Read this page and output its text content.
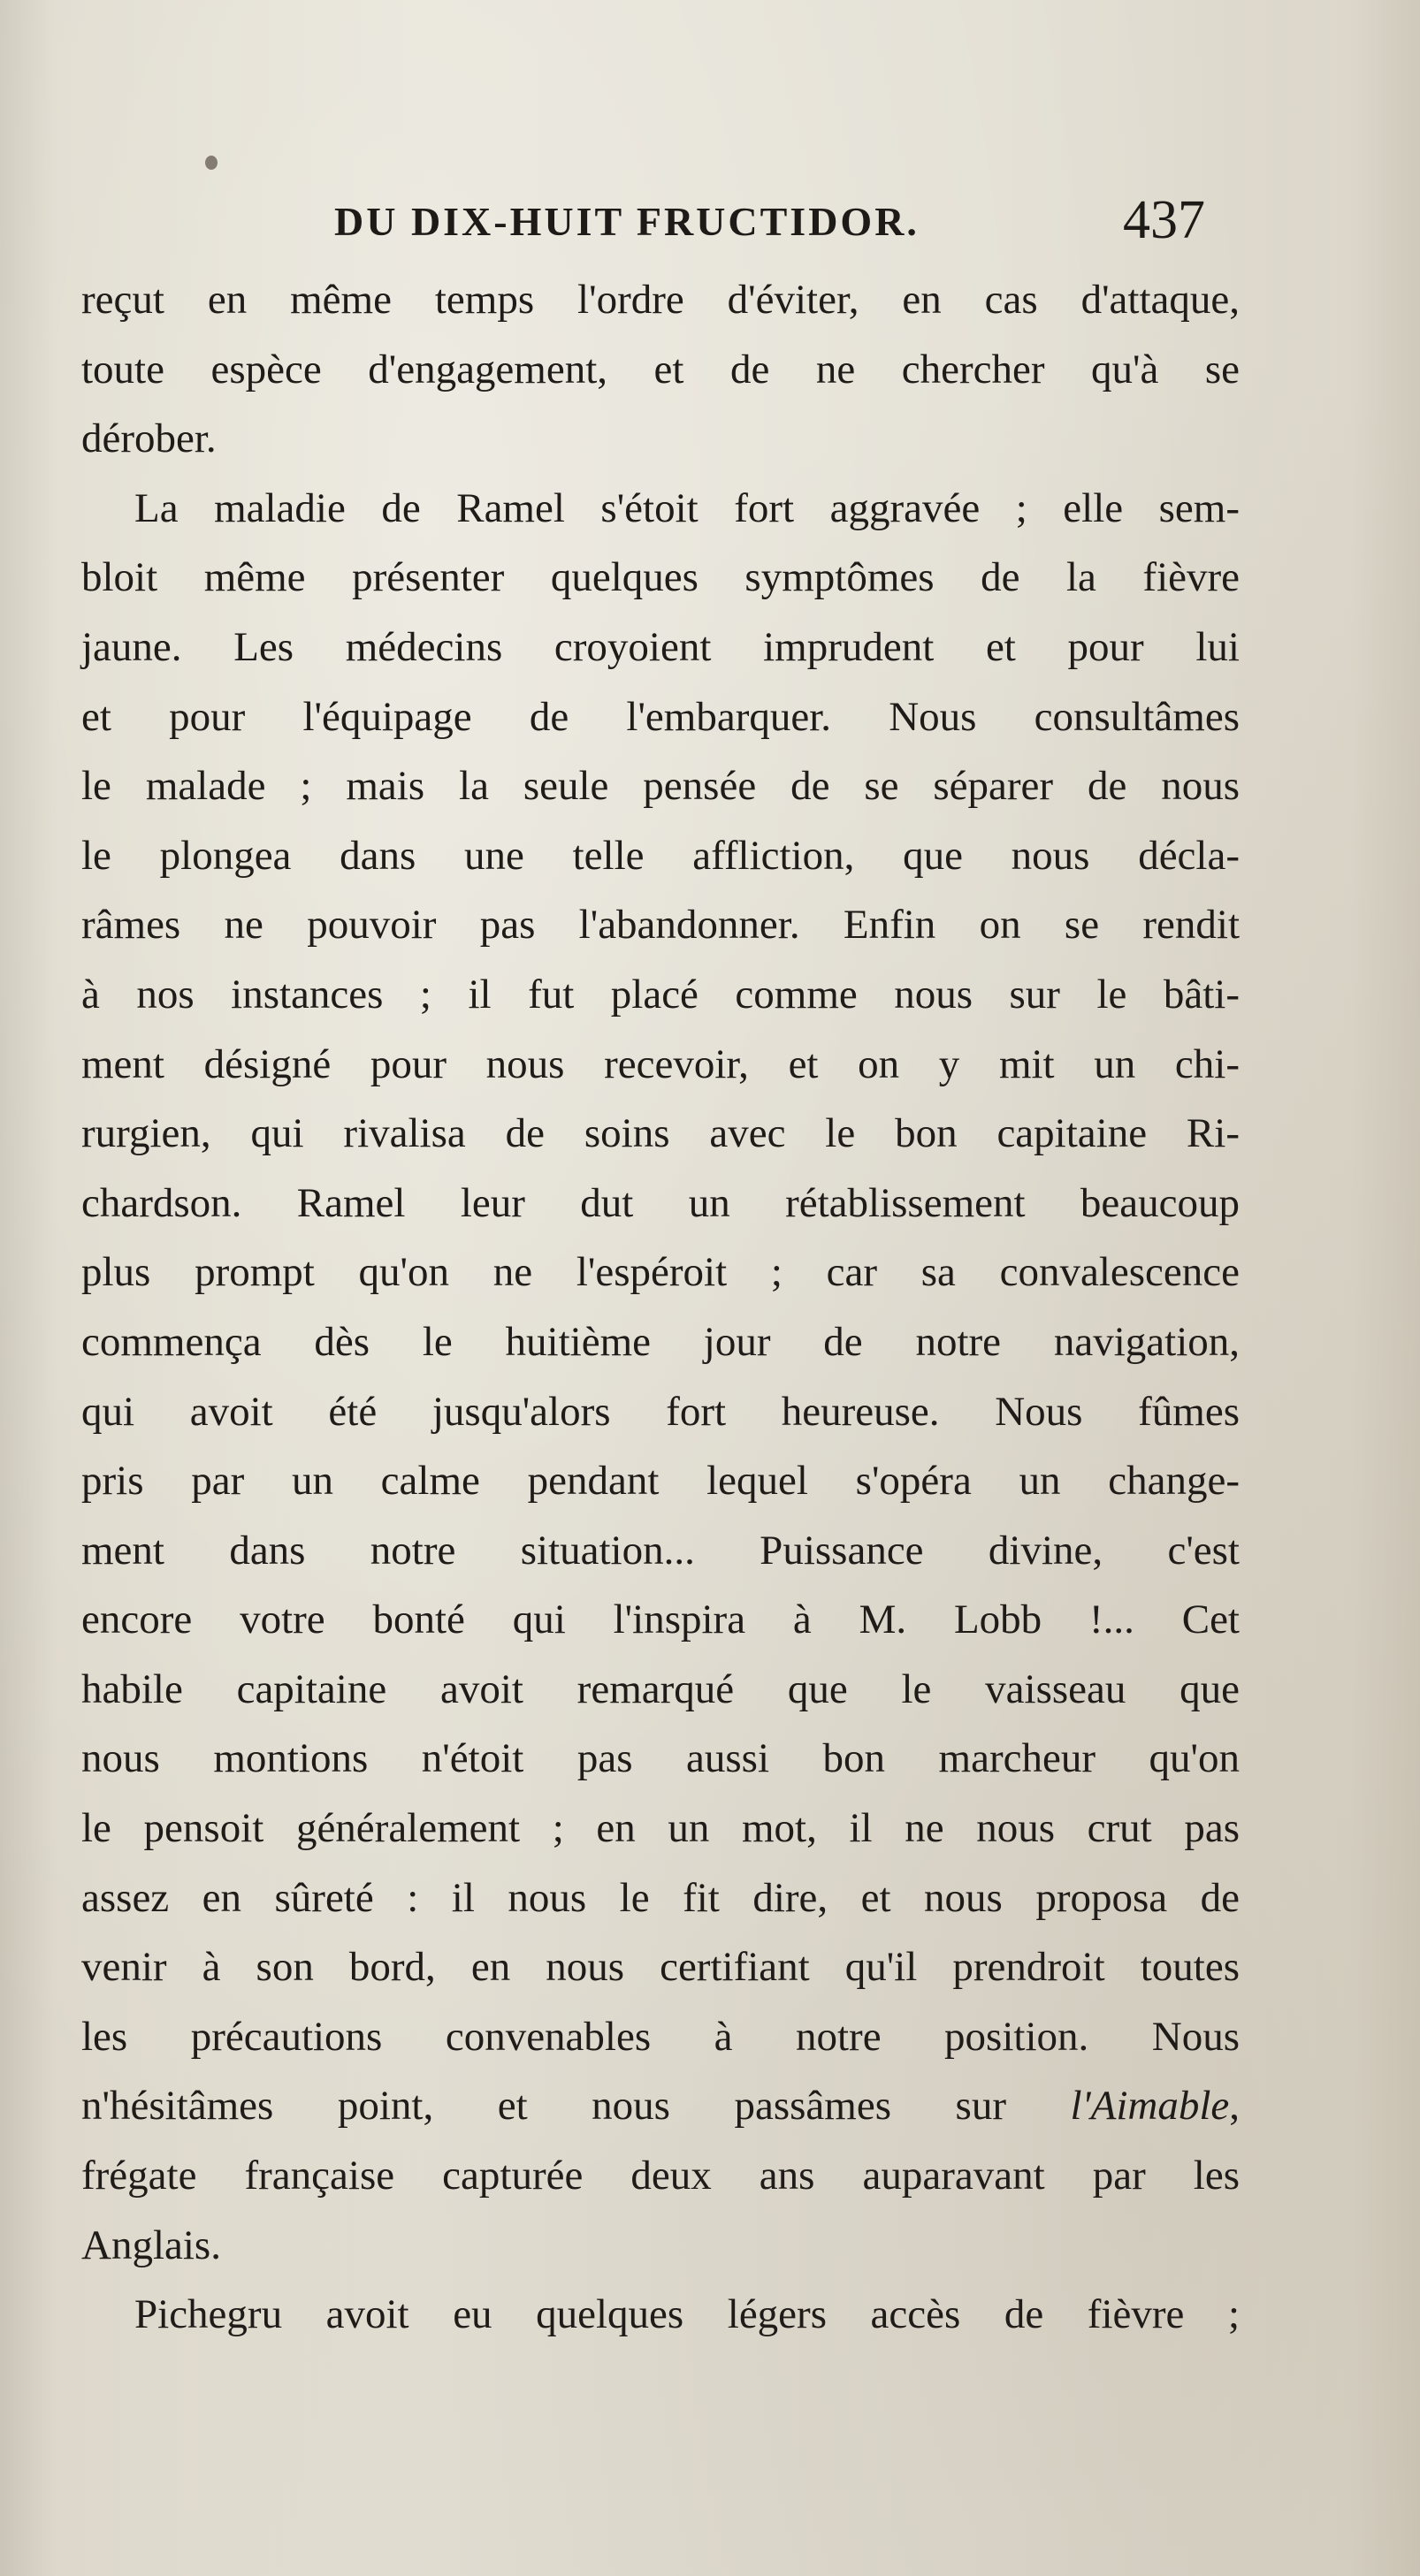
DU DIX-HUIT FRUCTIDOR.	437
reçut en même temps l'ordre d'éviter, en cas d'attaque,
toute espèce d'engagement, et de ne chercher qu'à se
dérober.
La maladie de Ramel s'étoit fort aggravée ; elle sem-
bloit même présenter quelques symptômes de la fièvre
jaune. Les médecins croyoient imprudent et pour lui
et pour l'équipage de l'embarquer. Nous consultâmes
le malade ; mais la seule pensée de se séparer de nous
le plongea dans une telle affliction, que nous décla-
râmes ne pouvoir pas l'abandonner. Enfin on se rendit
à nos instances ; il fut placé comme nous sur le bâti-
ment désigné pour nous recevoir, et on y mit un chi-
rurgien, qui rivalisa de soins avec le bon capitaine Ri-
chardson. Ramel leur dut un rétablissement beaucoup
plus prompt qu'on ne l'espéroit ; car sa convalescence
commença dès le huitième jour de notre navigation,
qui avoit été jusqu'alors fort heureuse. Nous fûmes
pris par un calme pendant lequel s'opéra un change-
ment dans notre situation... Puissance divine, c'est
encore votre bonté qui l'inspira à M. Lobb !... Cet
habile capitaine avoit remarqué que le vaisseau que
nous montions n'étoit pas aussi bon marcheur qu'on
le pensoit généralement ; en un mot, il ne nous crut pas
assez en sûreté : il nous le fit dire, et nous proposa de
venir à son bord, en nous certifiant qu'il prendroit toutes
les précautions convenables à notre position. Nous
n'hésitâmes point, et nous passâmes sur l'Aimable,
frégate française capturée deux ans auparavant par les
Anglais.
Pichegru avoit eu quelques légers accès de fièvre ;
